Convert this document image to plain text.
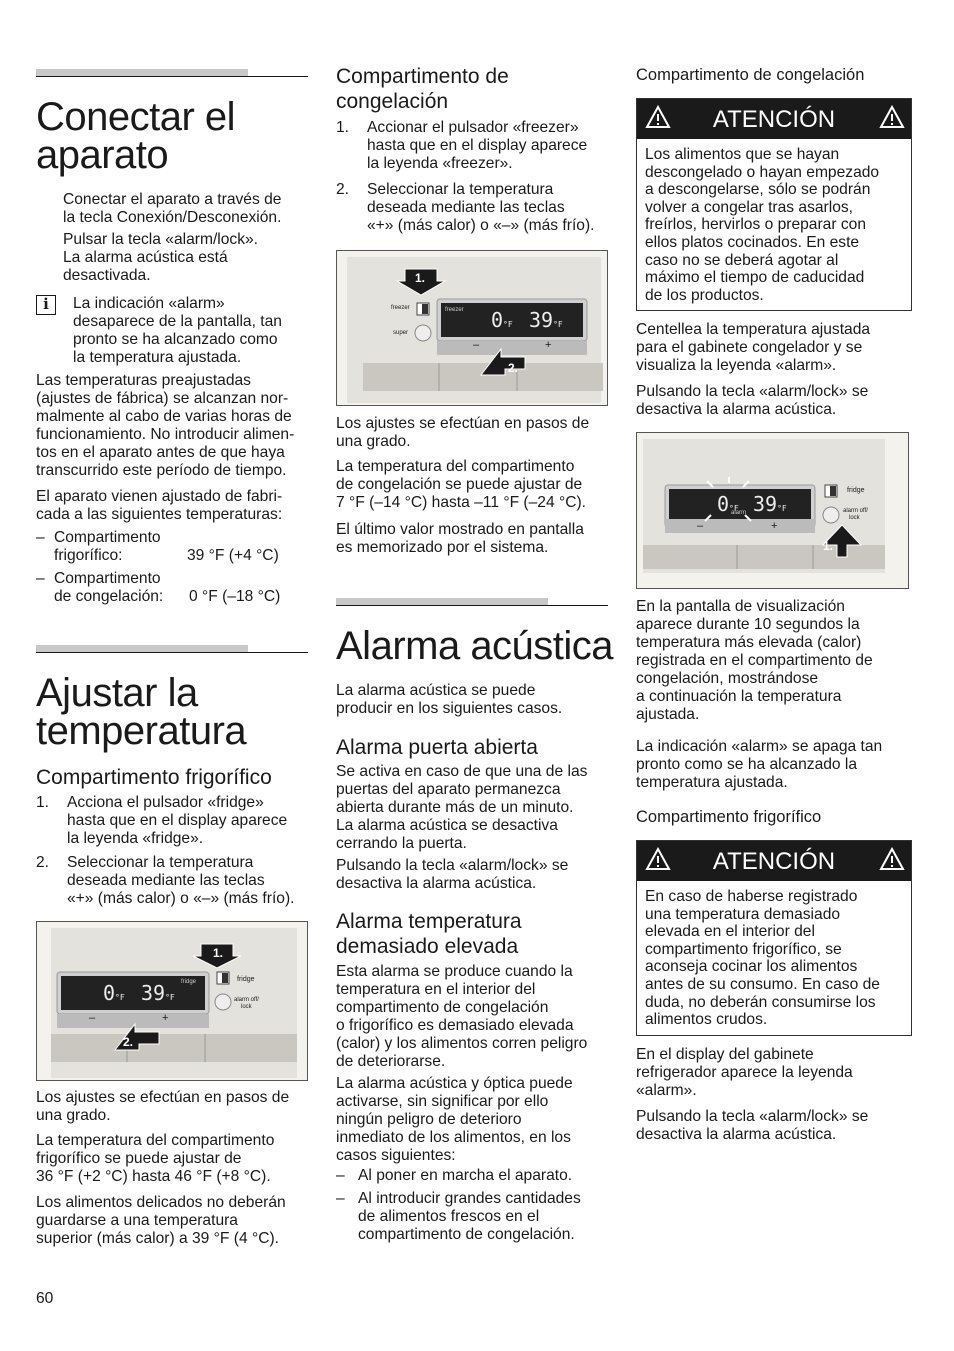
Conectar el
aparato
Conectar el aparato a través de
la tecla Conexión/Desconexión.
Pulsar la tecla «alarm/lock».
La alarma acústica está
desactivada.
i	La indicación «alarm»
desaparece de la pantalla, tan
pronto se ha alcanzado como
la temperatura ajustada.
Las temperaturas preajustadas
(ajustes de fábrica) se alcanzan nor-
malmente al cabo de varias horas de
funcionamiento. No introducir alimen-
tos en el aparato antes de que haya
transcurrido este período de tiempo.
El aparato vienen ajustado de fabri-
cada a las siguientes temperaturas:
– Compartimento
frigorífico:	39 °F (+4 °C)
– Compartimento
de congelación:	0 °F (–18 °C)
Ajustar la
temperatura
Compartimento frigorífico
1. Acciona el pulsador «fridge»
hasta que en el display aparece
la leyenda «fridge».
2. Seleccionar la temperatura
deseada mediante las teclas
«+» (más calor) o «–» (más frío).
1.
2.
0°F 39°F
fridge
–	+
fridge
alarm off/
lock
Los ajustes se efectúan en pasos de
una grado.
La temperatura del compartimento
frigorífico se puede ajustar de
36 °F (+2 °C) hasta 46 °F (+8 °C).
Los alimentos delicados no deberán
guardarse a una temperatura
superior (más calor) a 39 °F (4 °C).
Compartimento de
congelación
1. Accionar el pulsador «freezer»
hasta que en el display aparece
la leyenda «freezer».
2. Seleccionar la temperatura
deseada mediante las teclas
«+» (más calor) o «–» (más frío).
1.
2.
0°F 39°F
freezer
–	+
freezer
super
Los ajustes se efectúan en pasos de
una grado.
La temperatura del compartimento
de congelación se puede ajustar de
7 °F (–14 °C) hasta –11 °F (–24 °C).
El último valor mostrado en pantalla
es memorizado por el sistema.
Alarma acústica
La alarma acústica se puede
producir en los siguientes casos.
Alarma puerta abierta
Se activa en caso de que una de las
puertas del aparato permanezca
abierta durante más de un minuto.
La alarma acústica se desactiva
cerrando la puerta.
Pulsando la tecla «alarm/lock» se
desactiva la alarma acústica.
Alarma temperatura
demasiado elevada
Esta alarma se produce cuando la
temperatura en el interior del
compartimento de congelación
o frigorífico es demasiado elevada
(calor) y los alimentos corren peligro
de deteriorarse.
La alarma acústica y óptica puede
activarse, sin significar por ello
ningún peligro de deterioro
inmediato de los alimentos, en los
casos siguientes:
– Al poner en marcha el aparato.
– Al introducir grandes cantidades
de alimentos frescos en el
compartimento de congelación.
Compartimento de congelación
ATENCIÓN
Los alimentos que se hayan
descongelado o hayan empezado
a descongelarse, sólo se podrán
volver a congelar tras asarlos,
freírlos, hervirlos o preparar con
ellos platos cocinados. En este
caso no se deberá agotar al
máximo el tiempo de caducidad
de los productos.
Centellea la temperatura ajustada
para el gabinete congelador y se
visualiza la leyenda «alarm».
Pulsando la tecla «alarm/lock» se
desactiva la alarma acústica.
1.
0°F 39°F
alarm
–	+
fridge
alarm off/
lock
En la pantalla de visualización
aparece durante 10 segundos la
temperatura más elevada (calor)
registrada en el compartimento de
congelación, mostrándose
a continuación la temperatura
ajustada.
La indicación «alarm» se apaga tan
pronto como se ha alcanzado la
temperatura ajustada.
Compartimento frigorífico
ATENCIÓN
En caso de haberse registrado
una temperatura demasiado
elevada en el interior del
compartimento frigorífico, se
aconseja cocinar los alimentos
antes de su consumo. En caso de
duda, no deberán consumirse los
alimentos crudos.
En el display del gabinete
refrigerador aparece la leyenda
«alarm».
Pulsando la tecla «alarm/lock» se
desactiva la alarma acústica.
60
